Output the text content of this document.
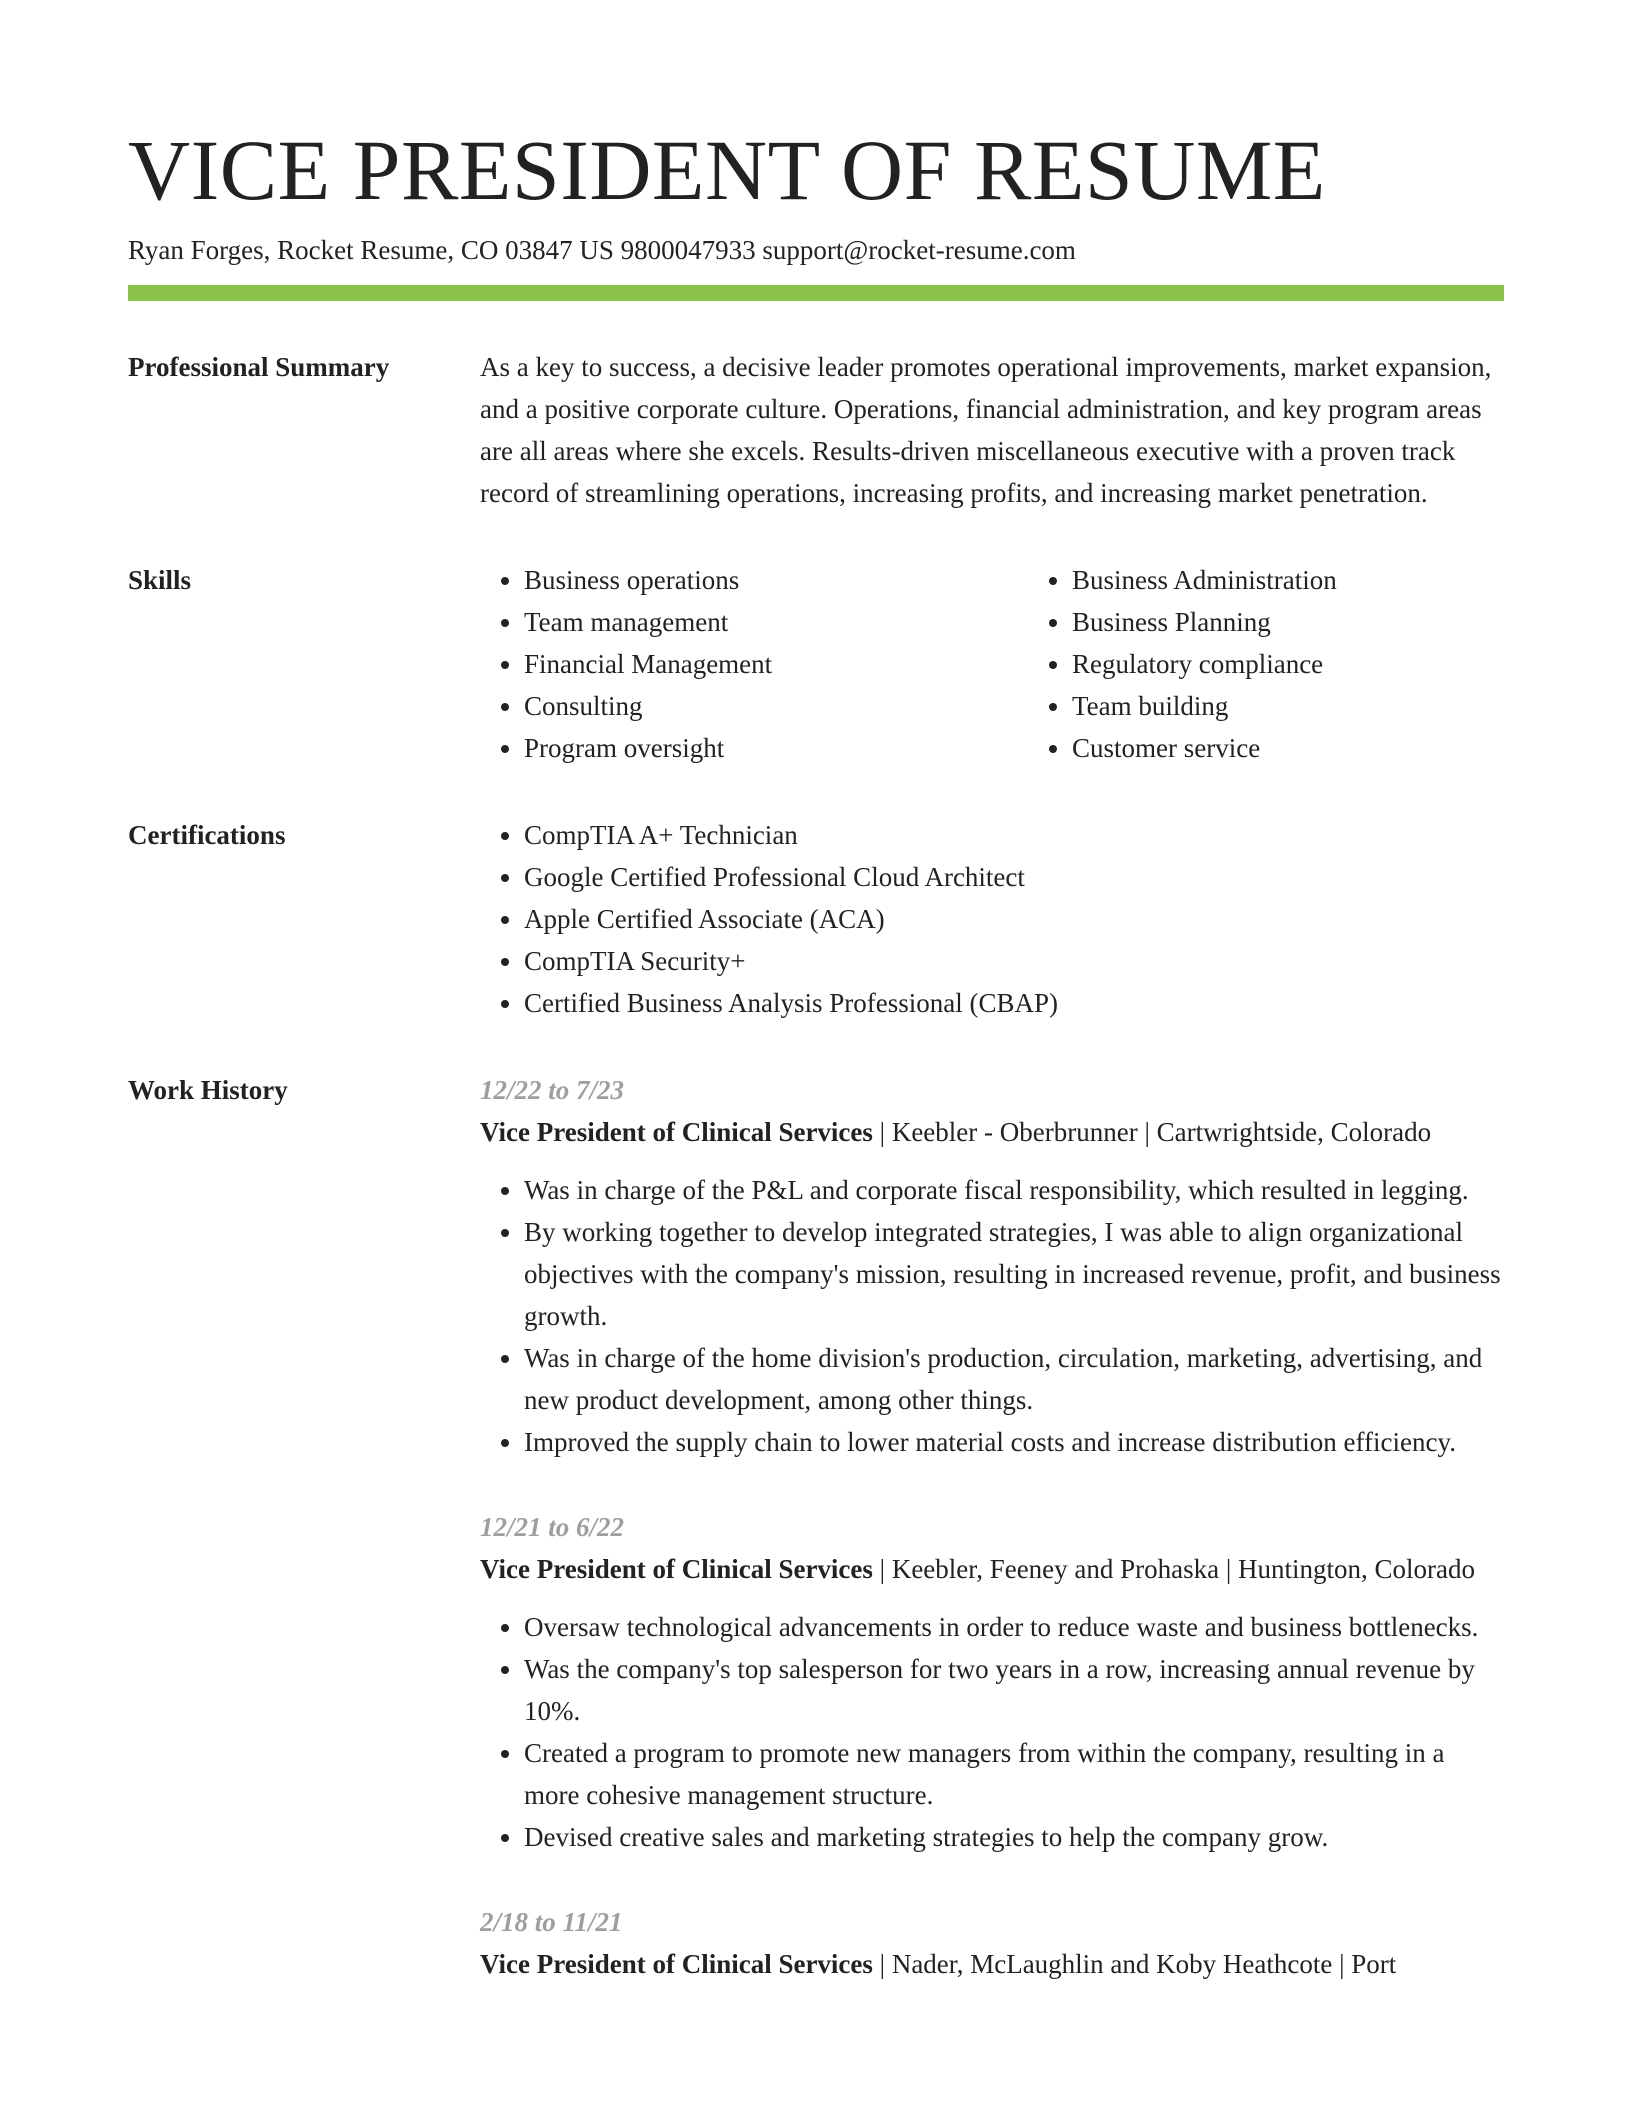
VICE PRESIDENT OF RESUME
Ryan Forges, Rocket Resume, CO 03847 US 9800047933 support@rocket-resume.com
Professional Summary	As a key to success, a decisive leader promotes operational improvements, market expansion, and a positive corporate culture. Operations, financial administration, and key program areas are all areas where she excels. Results-driven miscellaneous executive with a proven track record of streamlining operations, increasing profits, and increasing market penetration.

Skills	• Business operations
• Team management
• Financial Management
• Consulting
• Program oversight
• Business Administration
• Business Planning
• Regulatory compliance
• Team building
• Customer service
Certifications	• CompTIA A+ Technician
• Google Certified Professional Cloud Architect
• Apple Certified Associate (ACA)
• CompTIA Security+
• Certified Business Analysis Professional (CBAP)
Work History	12/22 to 7/23

Vice President of Clinical Services | Keebler - Oberbrunner | Cartwrightside, Colorado

• Was in charge of the P&L and corporate fiscal responsibility, which resulted in legging.
• By working together to develop integrated strategies, I was able to align organizational objectives with the company's mission, resulting in increased revenue, profit, and business growth.
• Was in charge of the home division's production, circulation, marketing, advertising, and new product development, among other things.
• Improved the supply chain to lower material costs and increase distribution efficiency.
12/21 to 6/22

Vice President of Clinical Services | Keebler, Feeney and Prohaska | Huntington, Colorado

• Oversaw technological advancements in order to reduce waste and business bottlenecks.
• Was the company's top salesperson for two years in a row, increasing annual revenue by 10%.
• Created a program to promote new managers from within the company, resulting in a more cohesive management structure.
• Devised creative sales and marketing strategies to help the company grow.
2/18 to 11/21

Vice President of Clinical Services | Nader, McLaughlin and Koby Heathcote | Port
